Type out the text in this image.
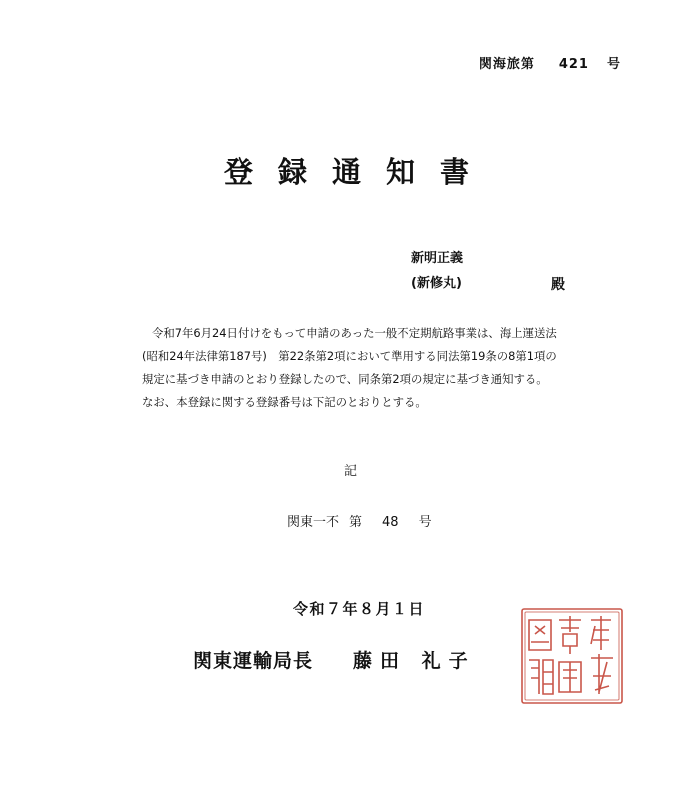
関海旅第 421 号
登録通知書
新明正義
(新修丸)	殿
令和7年6月24日付けをもって申請のあった一般不定期航路事業は、海上運送法
(昭和24年法律第187号)　第22条第2項において準用する同法第19条の8第1項の
規定に基づき申請のとおり登録したので、同条第2項の規定に基づき通知する。
なお、本登録に関する登録番号は下記のとおりとする。
記
関東一不 第 48 号
令和７年８月１日
関東運輸局長 藤田 礼子
